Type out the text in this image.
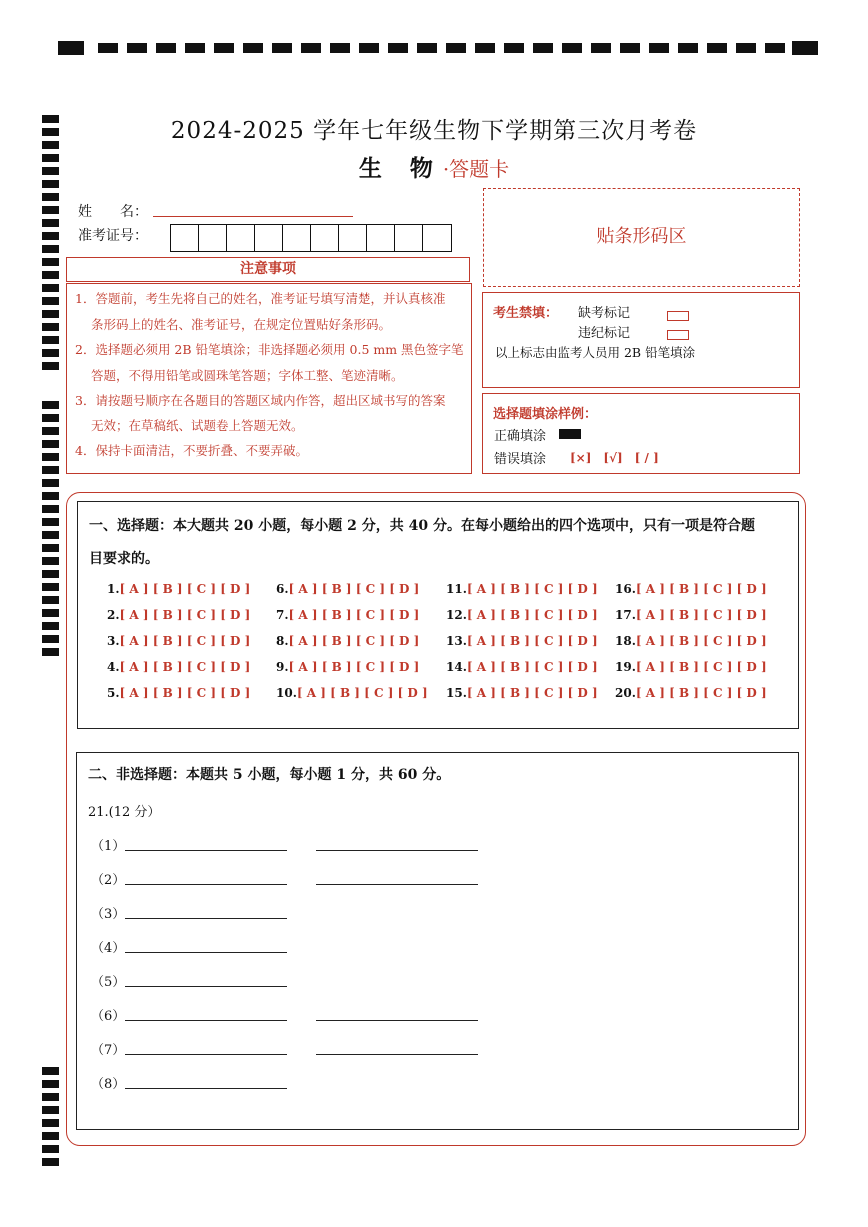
2024-2025 学年七年级生物下学期第三次月考卷
生 物·答题卡
姓　　名：
准考证号：
注意事项

1．答题前，考生先将自己的姓名，准考证号填写清楚，并认真核准

条形码上的姓名、准考证号，在规定位置贴好条形码。

2．选择题必须用 2B 铅笔填涂；非选择题必须用 0.5 mm 黑色签字笔

答题，不得用铅笔或圆珠笔答题；字体工整、笔迹清晰。

3．请按题号顺序在各题目的答题区域内作答，超出区域书写的答案

无效；在草稿纸、试题卷上答题无效。

4．保持卡面清洁，不要折叠、不要弄破。

贴条形码区
考生禁填： 缺考标记
违纪标记
以上标志由监考人员用 2B 铅笔填涂
选择题填涂样例：
正确填涂
错误填涂 [×]　[√]　[ / ]
一、选择题：本大题共 20 小题，每小题 2 分，共 40 分。在每小题给出的四个选项中，只有一项是符合题
目要求的。
1.[ A ] [ B ] [ C ] [ D ]
2.[ A ] [ B ] [ C ] [ D ]
3.[ A ] [ B ] [ C ] [ D ]
4.[ A ] [ B ] [ C ] [ D ]
5.[ A ] [ B ] [ C ] [ D ]
6.[ A ] [ B ] [ C ] [ D ]
7.[ A ] [ B ] [ C ] [ D ]
8.[ A ] [ B ] [ C ] [ D ]
9.[ A ] [ B ] [ C ] [ D ]
10.[ A ] [ B ] [ C ] [ D ]
11.[ A ] [ B ] [ C ] [ D ]
12.[ A ] [ B ] [ C ] [ D ]
13.[ A ] [ B ] [ C ] [ D ]
14.[ A ] [ B ] [ C ] [ D ]
15.[ A ] [ B ] [ C ] [ D ]
16.[ A ] [ B ] [ C ] [ D ]
17.[ A ] [ B ] [ C ] [ D ]
18.[ A ] [ B ] [ C ] [ D ]
19.[ A ] [ B ] [ C ] [ D ]
20.[ A ] [ B ] [ C ] [ D ]
二、非选择题：本题共 5 小题，每小题 1 分，共 60 分。
21.(12 分）
（1）
（2）
（3）
（4）
（5）
（6）
（7）
（8）
